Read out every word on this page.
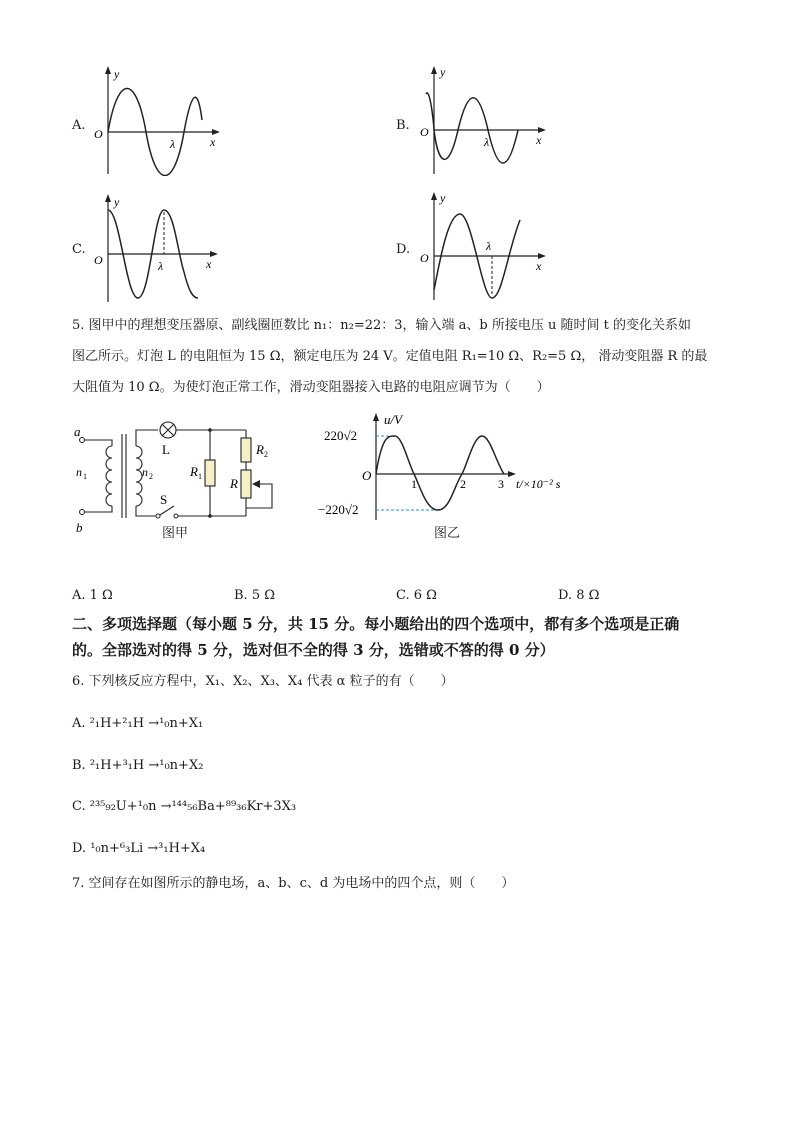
A.
y
O
λ	x
B.
y
O
λ	x
C.
y
O	λ	x
D.
y
O
λ
x
5. 图甲中的理想变压器原、副线圈匝数比 n₁：n₂=22：3，输入端 a、b 所接电压 u 随时间 t 的变化关系如
图乙所示。灯泡 L 的电阻恒为 15 Ω，额定电压为 24 V。定值电阻 R₁=10 Ω、R₂=5 Ω， 滑动变阻器 R 的最
大阻值为 10 Ω。为使灯泡正常工作，滑动变阻器接入电路的电阻应调节为（　　）
a
b
n 1	n 2
L
S
R 1
R 2
R
图甲
u/V
220√2
−220√2
O
1	2	3 t/×10⁻² s
图乙
A. 1 Ω	B. 5 Ω	C. 6 Ω	D. 8 Ω
二、多项选择题（每小题 5 分，共 15 分。每小题给出的四个选项中，都有多个选项是正确
的。全部选对的得 5 分，选对但不全的得 3 分，选错或不答的得 0 分）
6. 下列核反应方程中，X₁、X₂、X₃、X₄ 代表 α 粒子的有（　　）
A. ²₁H+²₁H →¹₀n+X₁
B. ²₁H+³₁H →¹₀n+X₂
C. ²³⁵₉₂U+¹₀n →¹⁴⁴₅₆Ba+⁸⁹₃₆Kr+3X₃
D. ¹₀n+⁶₃Li →³₁H+X₄
7. 空间存在如图所示的静电场，a、b、c、d 为电场中的四个点，则（　　）
